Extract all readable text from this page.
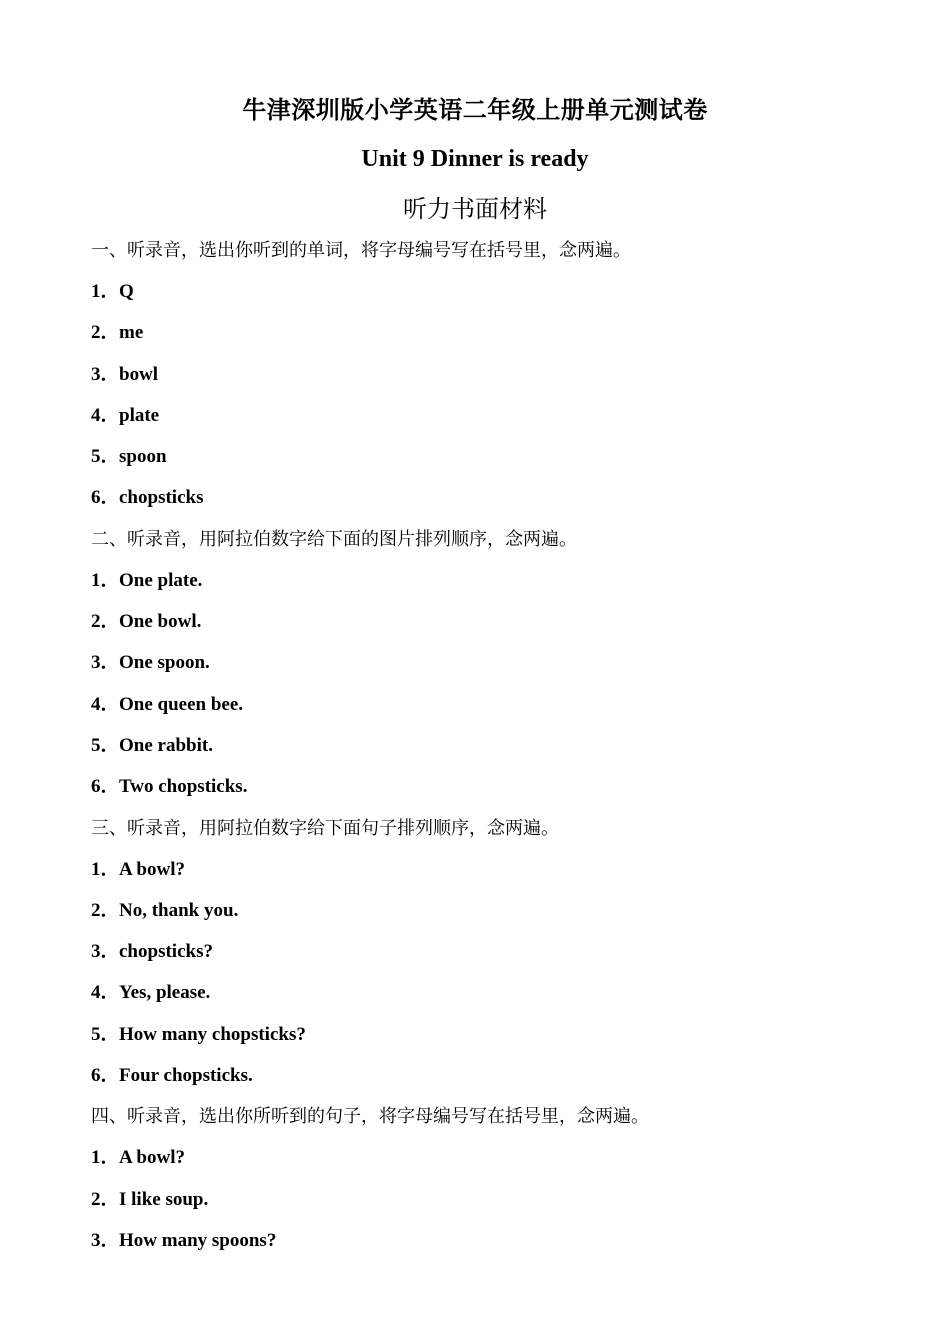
牛津深圳版小学英语二年级上册单元测试卷
Unit 9 Dinner is ready
听力书面材料
一、听录音，选出你听到的单词，将字母编号写在括号里，念两遍。
1．Q
2．me
3．bowl
4．plate
5．spoon
6．chopsticks
二、听录音，用阿拉伯数字给下面的图片排列顺序，念两遍。
1．One plate.
2．One bowl.
3．One spoon.
4．One queen bee.
5．One rabbit.
6．Two chopsticks.
三、听录音，用阿拉伯数字给下面句子排列顺序，念两遍。
1．A bowl?
2．No, thank you.
3．chopsticks?
4．Yes, please.
5．How many chopsticks?
6．Four chopsticks.
四、听录音，选出你所听到的句子，将字母编号写在括号里，念两遍。
1．A bowl?
2．I like soup.
3．How many spoons?
